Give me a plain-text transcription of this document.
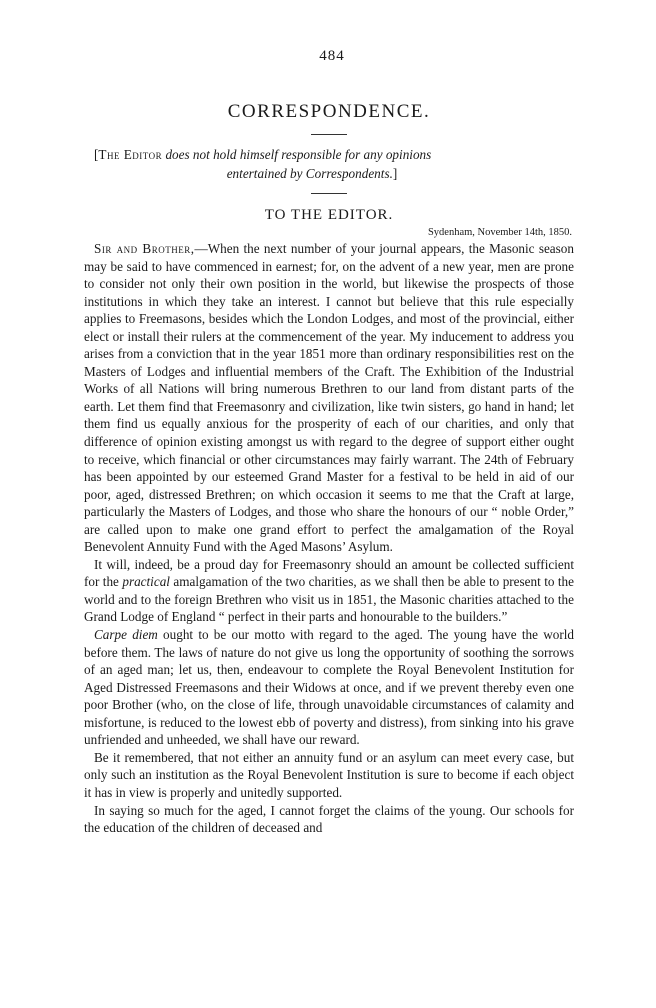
484
CORRESPONDENCE.
[The Editor does not hold himself responsible for any opinions
entertained by Correspondents.]
TO THE EDITOR.
Sydenham, November 14th, 1850.

Sir and Brother,—When the next number of your journal appears, the Masonic season may be said to have commenced in earnest; for, on the advent of a new year, men are prone to consider not only their own position in the world, but likewise the prospects of those institutions in which they take an interest. I cannot but believe that this rule especially applies to Freemasons, besides which the London Lodges, and most of the provincial, either elect or install their rulers at the commencement of the year. My inducement to address you arises from a conviction that in the year 1851 more than ordinary responsibilities rest on the Masters of Lodges and influential members of the Craft. The Exhibition of the Industrial Works of all Nations will bring numerous Brethren to our land from distant parts of the earth. Let them find that Freemasonry and civilization, like twin sisters, go hand in hand; let them find us equally anxious for the prosperity of each of our charities, and only that difference of opinion existing amongst us with regard to the degree of support either ought to receive, which financial or other circumstances may fairly warrant. The 24th of February has been appointed by our esteemed Grand Master for a festival to be held in aid of our poor, aged, distressed Brethren; on which occasion it seems to me that the Craft at large, particularly the Masters of Lodges, and those who share the honours of our “ noble Order,” are called upon to make one grand effort to perfect the amalgamation of the Royal Benevolent Annuity Fund with the Aged Masons’ Asylum.

It will, indeed, be a proud day for Freemasonry should an amount be collected sufficient for the practical amalgamation of the two charities, as we shall then be able to present to the world and to the foreign Brethren who visit us in 1851, the Masonic charities attached to the Grand Lodge of England “ perfect in their parts and honourable to the builders.”

Carpe diem ought to be our motto with regard to the aged. The young have the world before them. The laws of nature do not give us long the opportunity of soothing the sorrows of an aged man; let us, then, endeavour to complete the Royal Benevolent Institution for Aged Distressed Freemasons and their Widows at once, and if we prevent thereby even one poor Brother (who, on the close of life, through unavoidable circumstances of calamity and misfortune, is reduced to the lowest ebb of poverty and distress), from sinking into his grave unfriended and unheeded, we shall have our reward.

Be it remembered, that not either an annuity fund or an asylum can meet every case, but only such an institution as the Royal Benevolent Institution is sure to become if each object it has in view is properly and unitedly supported.

In saying so much for the aged, I cannot forget the claims of the young. Our schools for the education of the children of deceased and
